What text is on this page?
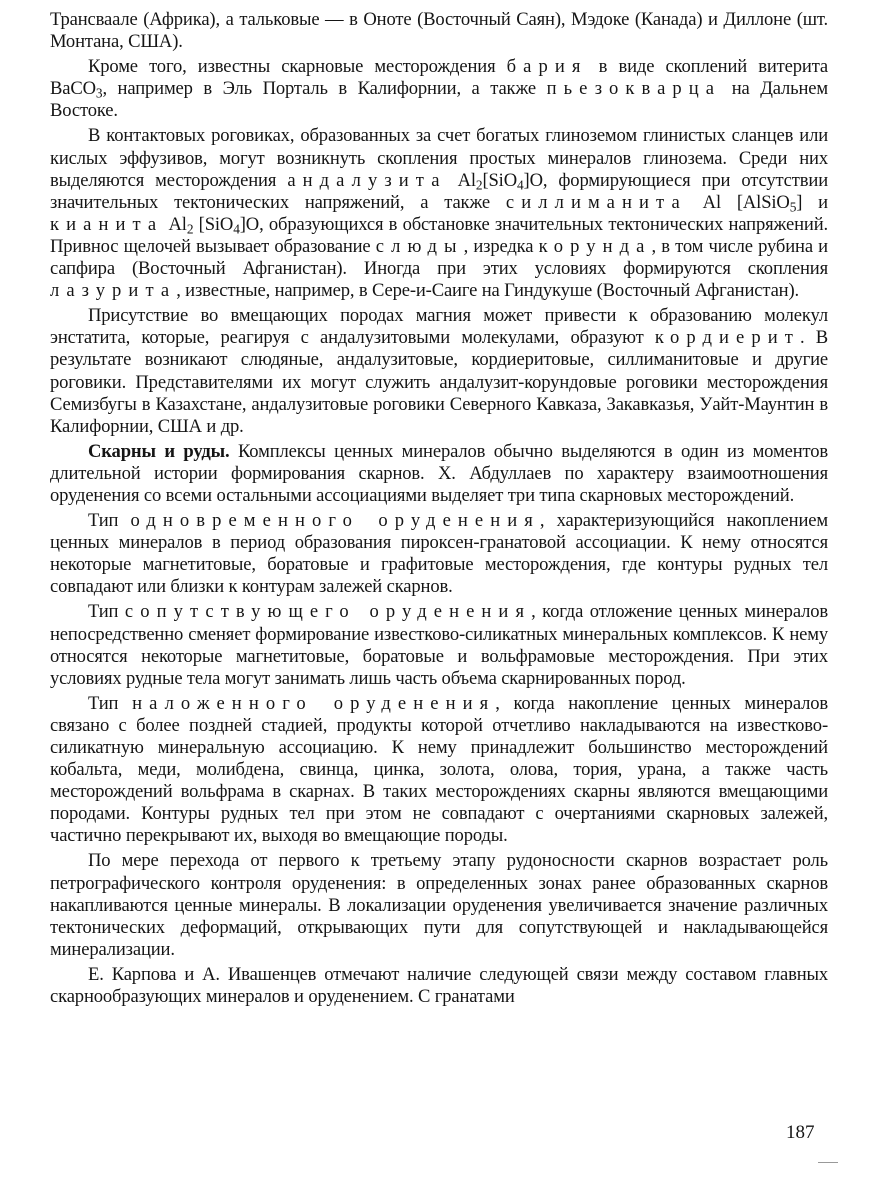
Трансваале (Африка), а тальковые — в Оноте (Восточный Саян), Мэдоке (Канада) и Диллоне (шт. Монтана, США).

Кроме того, известны скарновые месторождения бария в виде скоплений витерита BaCO$_3$, например в Эль Порталь в Калифорнии, а также пьезокварца на Дальнем Востоке.

В контактовых роговиках, образованных за счет богатых глиноземом глинистых сланцев или кислых эффузивов, могут возникнуть скопления простых минералов глинозема. Среди них выделяются месторождения андалузита $Al_2[SiO_4]O$, формирующиеся при отсутствии значительных тектонических напряжений, а также силлиманита Al [AlSiO$_5$] и кианита $Al_2$ [SiO$_4$]O, образующихся в обстановке значительных тектонических напряжений. Привнос щелочей вызывает образование слюды, изредка корунда, в том числе рубина и сапфира (Восточный Афганистан). Иногда при этих условиях формируются скопления лазурита, известные, например, в Сере-и-Саиге на Гиндукуше (Восточный Афганистан).

Присутствие во вмещающих породах магния может привести к образованию молекул энстатита, которые, реагируя с андалузитовыми молекулами, образуют кордиерит. В результате возникают слюдяные, андалузитовые, кордиеритовые, силлиманитовые и другие роговики. Представителями их могут служить андалузит-корундовые роговики месторождения Семизбугы в Казахстане, андалузитовые роговики Северного Кавказа, Закавказья, Уайт-Маунтин в Калифорнии, США и др.

Скарны и руды. Комплексы ценных минералов обычно выделяются в один из моментов длительной истории формирования скарнов. Х. Абдуллаев по характеру взаимоотношения оруденения со всеми остальными ассоциациями выделяет три типа скарновых месторождений.

Тип одновременного оруденения, характеризующийся накоплением ценных минералов в период образования пироксен-гранатовой ассоциации. К нему относятся некоторые магнетитовые, боратовые и графитовые месторождения, где контуры рудных тел совпадают или близки к контурам залежей скарнов.

Тип сопутствующего оруденения, когда отложение ценных минералов непосредственно сменяет формирование известково-силикатных минеральных комплексов. К нему относятся некоторые магнетитовые, боратовые и вольфрамовые месторождения. При этих условиях рудные тела могут занимать лишь часть объема скарнированных пород.

Тип наложенного оруденения, когда накопление ценных минералов связано с более поздней стадией, продукты которой отчетливо накладываются на известково-силикатную минеральную ассоциацию. К нему принадлежит большинство месторождений кобальта, меди, молибдена, свинца, цинка, золота, олова, тория, урана, а также часть месторождений вольфрама в скарнах. В таких месторождениях скарны являются вмещающими породами. Контуры рудных тел при этом не совпадают с очертаниями скарновых залежей, частично перекрывают их, выходя во вмещающие породы.

По мере перехода от первого к третьему этапу рудоносности скарнов возрастает роль петрографического контроля оруденения: в определенных зонах ранее образованных скарнов накапливаются ценные минералы. В локализации оруденения увеличивается значение различных тектонических деформаций, открывающих пути для сопутствующей и накладывающейся минерализации.

Е. Карпова и А. Ивашенцев отмечают наличие следующей связи между составом главных скарнообразующих минералов и оруденением. С гранатами

187
